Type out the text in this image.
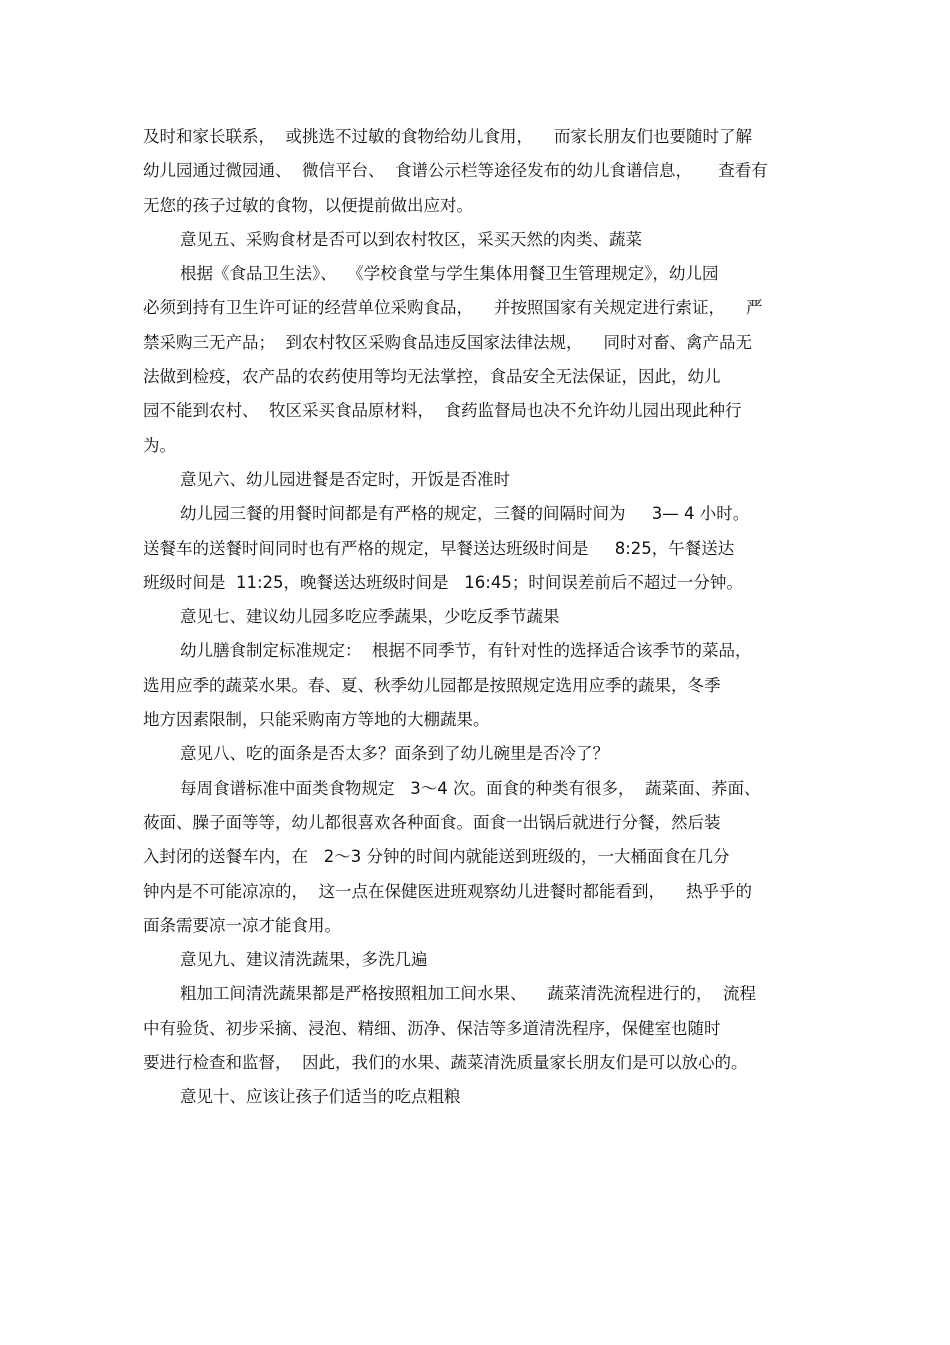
及时和家长联系，  或挑选不过敏的食物给幼儿食用，    而家长朋友们也要随时了解
幼儿园通过微园通、  微信平台、  食谱公示栏等途径发布的幼儿食谱信息，     查看有
无您的孩子过敏的食物，以便提前做出应对。
意见五、采购食材是否可以到农村牧区，采买天然的肉类、蔬菜
根据《食品卫生法》、  《学校食堂与学生集体用餐卫生管理规定》，幼儿园
必须到持有卫生许可证的经营单位采购食品，    并按照国家有关规定进行索证，    严
禁采购三无产品；  到农村牧区采购食品违反国家法律法规，    同时对畜、禽产品无
法做到检疫，农产品的农药使用等均无法掌控，食品安全无法保证，因此，幼儿
园不能到农村、  牧区采买食品原材料，  食药监督局也决不允许幼儿园出现此种行
为。
意见六、幼儿园进餐是否定时，开饭是否准时
幼儿园三餐的用餐时间都是有严格的规定，三餐的间隔时间为     3— 4 小时。
送餐车的送餐时间同时也有严格的规定，早餐送达班级时间是     8:25，午餐送达
班级时间是  11:25，晚餐送达班级时间是   16:45；时间误差前后不超过一分钟。
意见七、建议幼儿园多吃应季蔬果，少吃反季节蔬果
幼儿膳食制定标准规定：  根据不同季节，有针对性的选择适合该季节的菜品，
选用应季的蔬菜水果。春、夏、秋季幼儿园都是按照规定选用应季的蔬果，冬季
地方因素限制，只能采购南方等地的大棚蔬果。
意见八、吃的面条是否太多？面条到了幼儿碗里是否冷了？
每周食谱标准中面类食物规定   3～4 次。面食的种类有很多，  蔬菜面、荞面、
莜面、臊子面等等，幼儿都很喜欢各种面食。面食一出锅后就进行分餐，然后装
入封闭的送餐车内，在   2～3 分钟的时间内就能送到班级的，一大桶面食在几分
钟内是不可能凉凉的，  这一点在保健医进班观察幼儿进餐时都能看到，    热乎乎的
面条需要凉一凉才能食用。
意见九、建议清洗蔬果，多洗几遍
粗加工间清洗蔬果都是严格按照粗加工间水果、    蔬菜清洗流程进行的，  流程
中有验货、初步采摘、浸泡、精细、沥净、保洁等多道清洗程序，保健室也随时
要进行检查和监督，  因此，我们的水果、蔬菜清洗质量家长朋友们是可以放心的。
意见十、应该让孩子们适当的吃点粗粮
